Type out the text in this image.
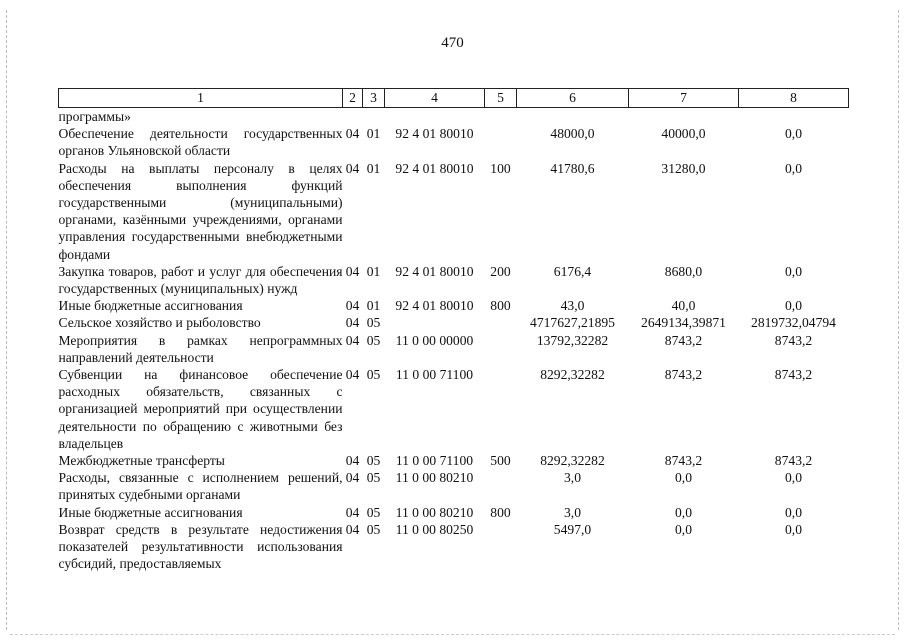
470
1	2	3	4	5	6	7	8
программы»							
Обеспечение деятельности государственных органов Ульяновской области	04	01	92 4 01 80010		48000,0	40000,0	0,0
Расходы на выплаты персоналу в целях обеспечения выполнения функций государственными (муниципальными) органами, казёнными учреждениями, органами управления государственными внебюджетными фондами	04	01	92 4 01 80010	100	41780,6	31280,0	0,0
Закупка товаров, работ и услуг для обеспечения государственных (муниципальных) нужд	04	01	92 4 01 80010	200	6176,4	8680,0	0,0
Иные бюджетные ассигнования	04	01	92 4 01 80010	800	43,0	40,0	0,0
Сельское хозяйство и рыболовство	04	05			4717627,21895	2649134,39871	2819732,04794
Мероприятия в рамках непрограммных направлений деятельности	04	05	11 0 00 00000		13792,32282	8743,2	8743,2
Субвенции на финансовое обеспечение расходных обязательств, связанных с организацией мероприятий при осуществлении деятельности по обращению с животными без владельцев	04	05	11 0 00 71100		8292,32282	8743,2	8743,2
Межбюджетные трансферты	04	05	11 0 00 71100	500	8292,32282	8743,2	8743,2
Расходы, связанные с исполнением решений, принятых судебными органами	04	05	11 0 00 80210		3,0	0,0	0,0
Иные бюджетные ассигнования	04	05	11 0 00 80210	800	3,0	0,0	0,0
Возврат средств в результате недостижения показателей результативности использования субсидий, предоставляемых	04	05	11 0 00 80250		5497,0	0,0	0,0
